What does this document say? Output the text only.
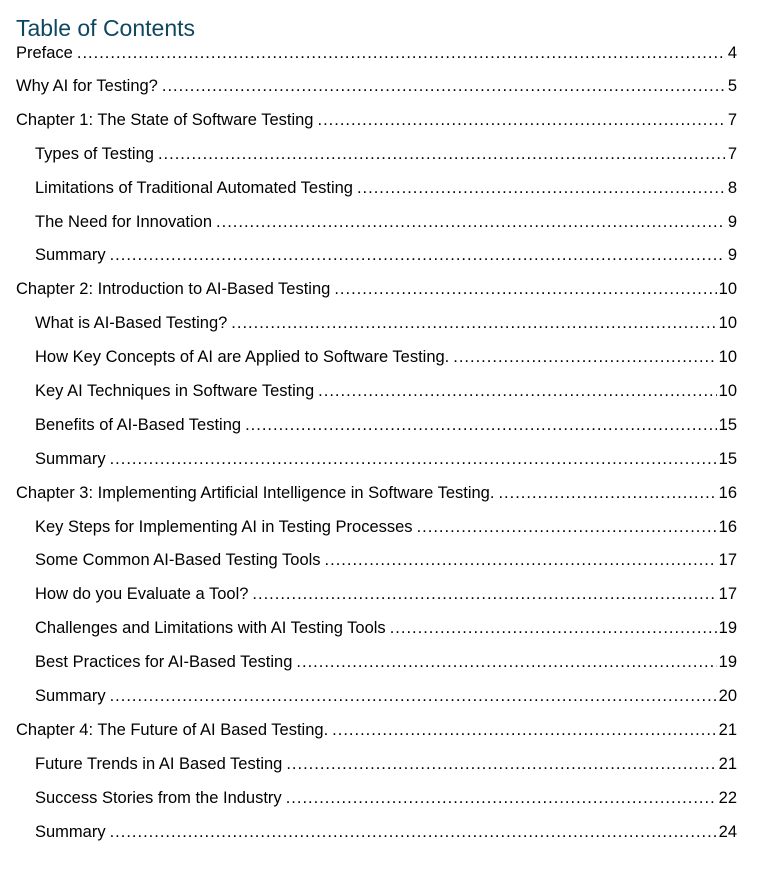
Table of Contents
Preface .....	4
Why AI for Testing? .....	5
Chapter 1: The State of Software Testing .....	7
Types of Testing .....	7
Limitations of Traditional Automated Testing .....	8
The Need for Innovation .....	9
Summary .....	9
Chapter 2: Introduction to AI-Based Testing .....	10
What is AI-Based Testing? .....	10
How Key Concepts of AI are Applied to Software Testing. .....	10
Key AI Techniques in Software Testing .....	10
Benefits of AI-Based Testing .....	15
Summary .....	15
Chapter 3: Implementing Artificial Intelligence in Software Testing. .....	16
Key Steps for Implementing AI in Testing Processes .....	16
Some Common AI-Based Testing Tools .....	17
How do you Evaluate a Tool? .....	17
Challenges and Limitations with AI Testing Tools .....	19
Best Practices for AI-Based Testing .....	19
Summary .....	20
Chapter 4: The Future of AI Based Testing. .....	21
Future Trends in AI Based Testing .....	21
Success Stories from the Industry .....	22
Summary .....	24
